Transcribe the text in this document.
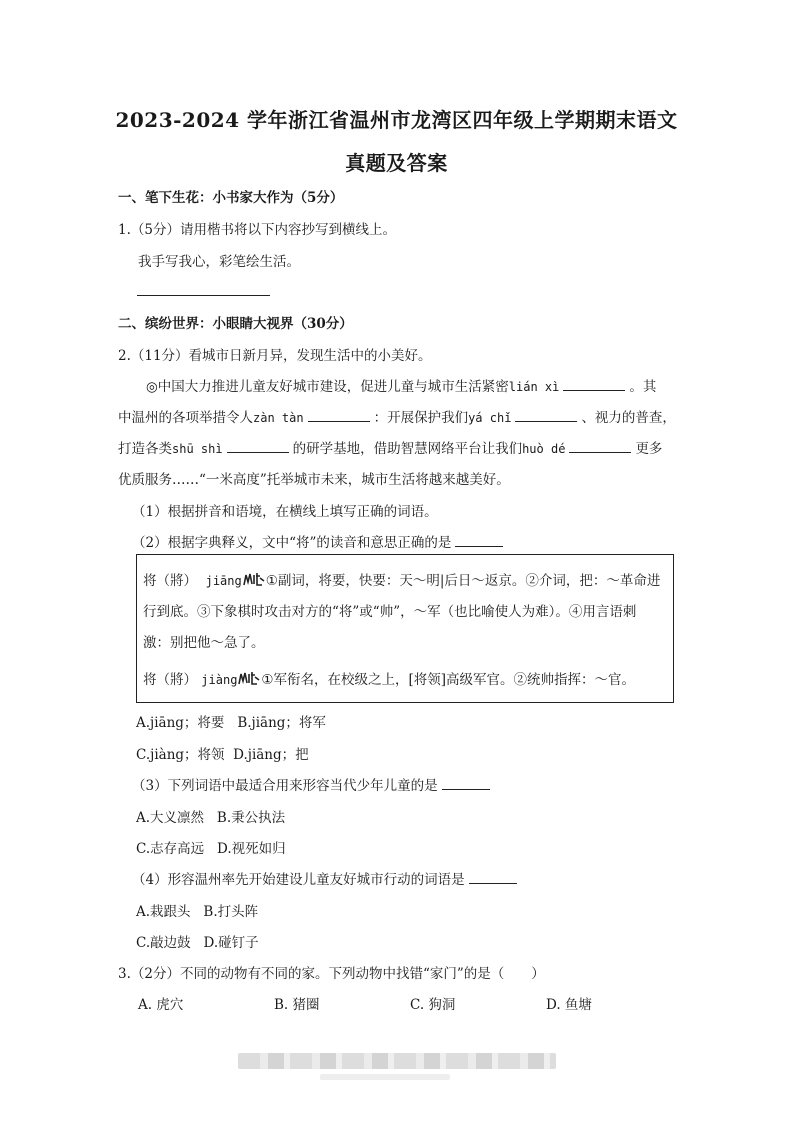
2023-2024 学年浙江省温州市龙湾区四年级上学期期末语文
真题及答案
一、笔下生花：小书家大作为（5分）
1.（5分）请用楷书将以下内容抄写到横线上。
我手写我心，彩笔绘生活。
二、缤纷世界：小眼睛大视界（30分）
2.（11分）看城市日新月异，发现生活中的小美好。
◎中国大力推进儿童友好城市建设，促进儿童与城市生活紧密lián xì	。其
中温州的各项举措令人zàn tàn	：开展保护我们yá chǐ	、视力的普查，
打造各类shū shì	的研学基地，借助智慧网络平台让我们huò dé	更多
优质服务……“一米高度”托举城市未来，城市生活将越来越美好。
（1）根据拼音和语境，在横线上填写正确的词语。
（2）根据字典释义，文中“将”的读音和意思正确的是
将（將） jiāng ①副词，将要，快要：天～明|后日～返京。②介词，把：～革命进
行到底。③下象棋时攻击对方的“将”或“帅”，～军（也比喻使人为难）。④用言语刺
激：别把他～急了。
将（將） jiàng ①军衔名，在校级之上，[将领]高级军官。②统帅指挥：～官。
A.jiāng；将要 B.jiāng；将军
C.jiàng；将领 D.jiāng；把
（3）下列词语中最适合用来形容当代少年儿童的是
A.大义凛然 B.秉公执法
C.志存高远 D.视死如归
（4）形容温州率先开始建设儿童友好城市行动的词语是
A.栽跟头 B.打头阵
C.敲边鼓 D.碰钉子
3.（2分）不同的动物有不同的家。下列动物中找错“家门”的是（　　）
A. 虎穴	B. 猪圈	C. 狗洞	D. 鱼塘
